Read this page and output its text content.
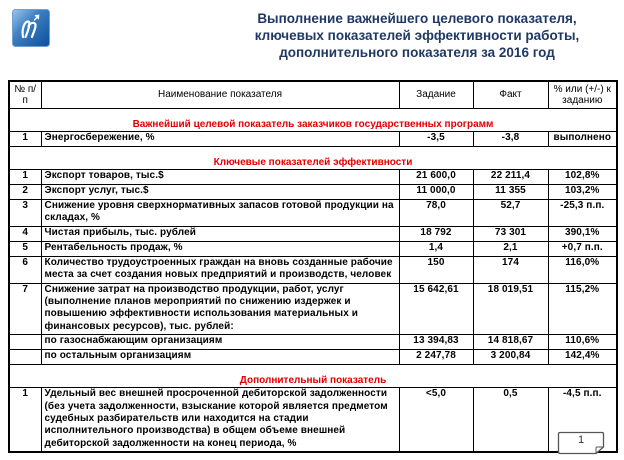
Выполнение важнейшего целевого показателя,
ключевых показателей эффективности работы,
дополнительного показателя за 2016 год
№ п/п	Наименование показателя	Задание	Факт	% или (+/-) к заданию
Важнейший целевой показатель заказчиков государственных программ				
1	Энергосбережение, %	-3,5	-3,8	выполнено
Ключевые показателей эффективности				
1	Экспорт товаров, тыс.$	21 600,0	22 211,4	102,8%
2	Экспорт услуг, тыс.$	11 000,0	11 355	103,2%
3	Снижение уровня сверхнормативных запасов готовой продукции на складах, %	78,0	52,7	-25,3 п.п.
4	Чистая прибыль, тыс. рублей	18 792	73 301	390,1%
5	Рентабельность продаж, %	1,4	2,1	+0,7 п.п.
6	Количество трудоустроенных граждан на вновь созданные рабочие места за счет создания новых предприятий и производств, человек	150	174	116,0%
7	Снижение затрат на производство продукции, работ, услуг (выполнение планов мероприятий по снижению издержек и повышению эффективности использования материальных и финансовых ресурсов), тыс. рублей:	15 642,61	18 019,51	115,2%
	по газоснабжающим организациям	13 394,83	14 818,67	110,6%
	по остальным организациям	2 247,78	3 200,84	142,4%
Дополнительный показатель				
1	Удельный вес внешней просроченной дебиторской задолженности (без учета задолженности, взыскание которой является предметом судебных разбирательств или находится на стадии исполнительного производства) в общем объеме внешней дебиторской задолженности на конец периода, %	<5,0	0,5	-4,5 п.п.
1
